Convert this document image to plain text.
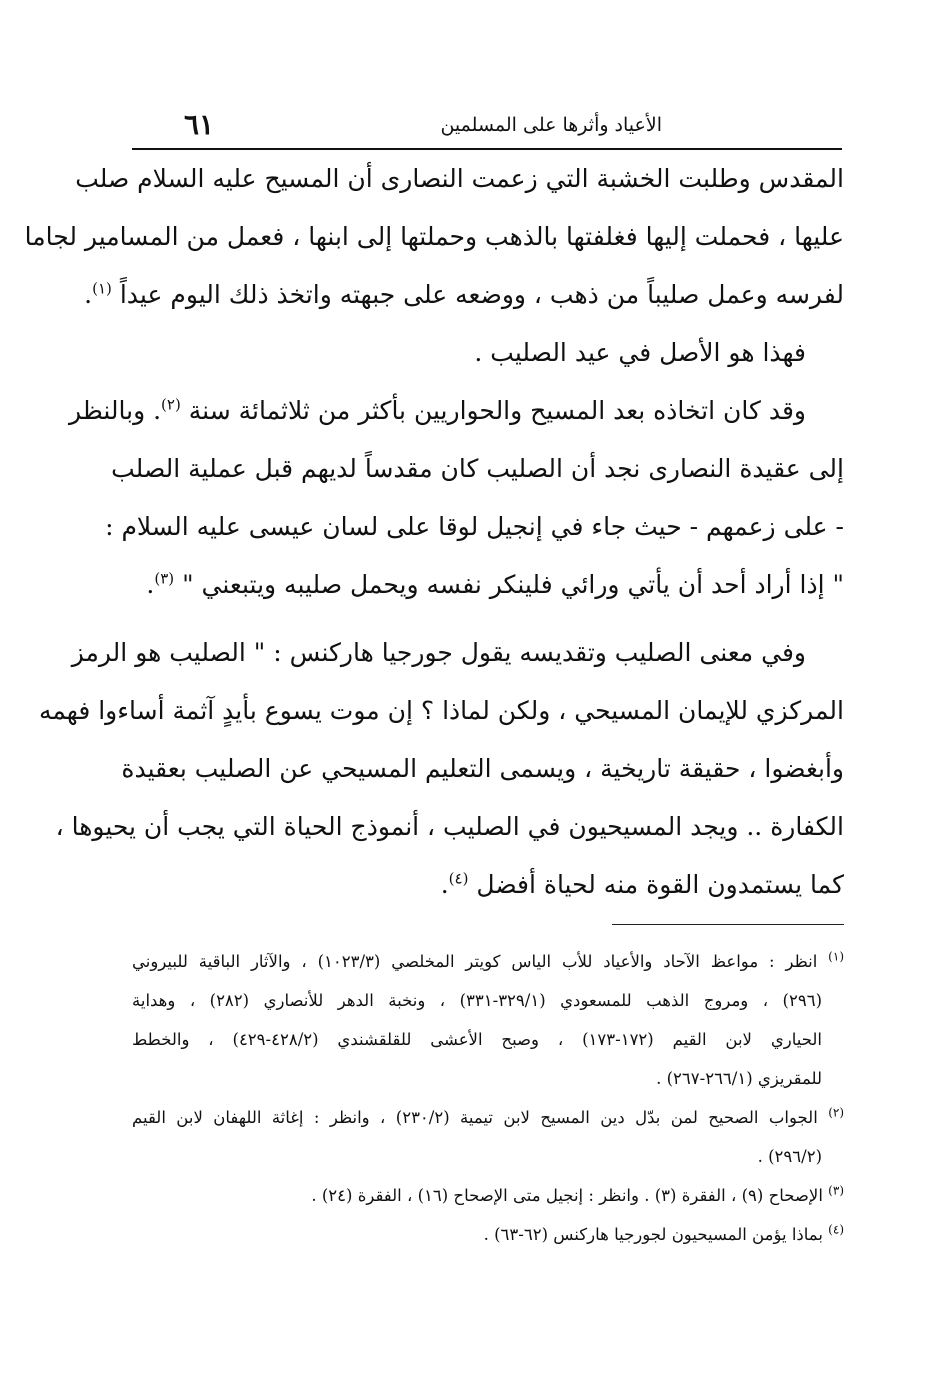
الأعياد وأثرها على المسلمين
٦١
المقدس وطلبت الخشبة التي زعمت النصارى أن المسيح عليه السلام صلب
عليها ، فحملت إليها فغلفتها بالذهب وحملتها إلى ابنها ، فعمل من المسامير لجاما
لفرسه وعمل صليباً من ذهب ، ووضعه على جبهته واتخذ ذلك اليوم عيداً $^{(١)}$.
فهذا هو الأصل في عيد الصليب .
وقد كان اتخاذه بعد المسيح والحواريين بأكثر من ثلاثمائة سنة $^{(٢)}$. وبالنظر
إلى عقيدة النصارى نجد أن الصليب كان مقدساً لديهم قبل عملية الصلب
- على زعمهم - حيث جاء في إنجيل لوقا على لسان عيسى عليه السلام :
" إذا أراد أحد أن يأتي ورائي فلينكر نفسه ويحمل صليبه ويتبعني " $^{(٣)}$.
وفي معنى الصليب وتقديسه يقول جورجيا هاركنس : " الصليب هو الرمز
المركزي للإيمان المسيحي ، ولكن لماذا ؟ إن موت يسوع بأيدٍ آثمة أساءوا فهمه
وأبغضوا ، حقيقة تاريخية ، ويسمى التعليم المسيحي عن الصليب بعقيدة
الكفارة .. ويجد المسيحيون في الصليب ، أنموذج الحياة التي يجب أن يحيوها ،
كما يستمدون القوة منه لحياة أفضل $^{(٤)}$.
$^{(١)}$ انظر : مواعظ الآحاد والأعياد للأب الياس كويتر المخلصي (١٠٢٣/٣) ، والآثار الباقية للبيروني
(٢٩٦) ، ومروج الذهب للمسعودي (٣٢٩/١-٣٣١) ، ونخبة الدهر للأنصاري (٢٨٢) ، وهداية
الحياري لابن القيم (١٧٢-١٧٣) ، وصبح الأعشى للقلقشندي (٤٢٨/٢-٤٢٩) ، والخطط
للمقريزي (٢٦٦/١-٢٦٧) .
$^{(٢)}$ الجواب الصحيح لمن بدّل دين المسيح لابن تيمية (٢٣٠/٢) ، وانظر : إغاثة اللهفان لابن القيم
(٢٩٦/٢) .
$^{(٣)}$ الإصحاح (٩) ، الفقرة (٣) . وانظر : إنجيل متى الإصحاح (١٦) ، الفقرة (٢٤) .
$^{(٤)}$ بماذا يؤمن المسيحيون لجورجيا هاركنس (٦٢-٦٣) .
